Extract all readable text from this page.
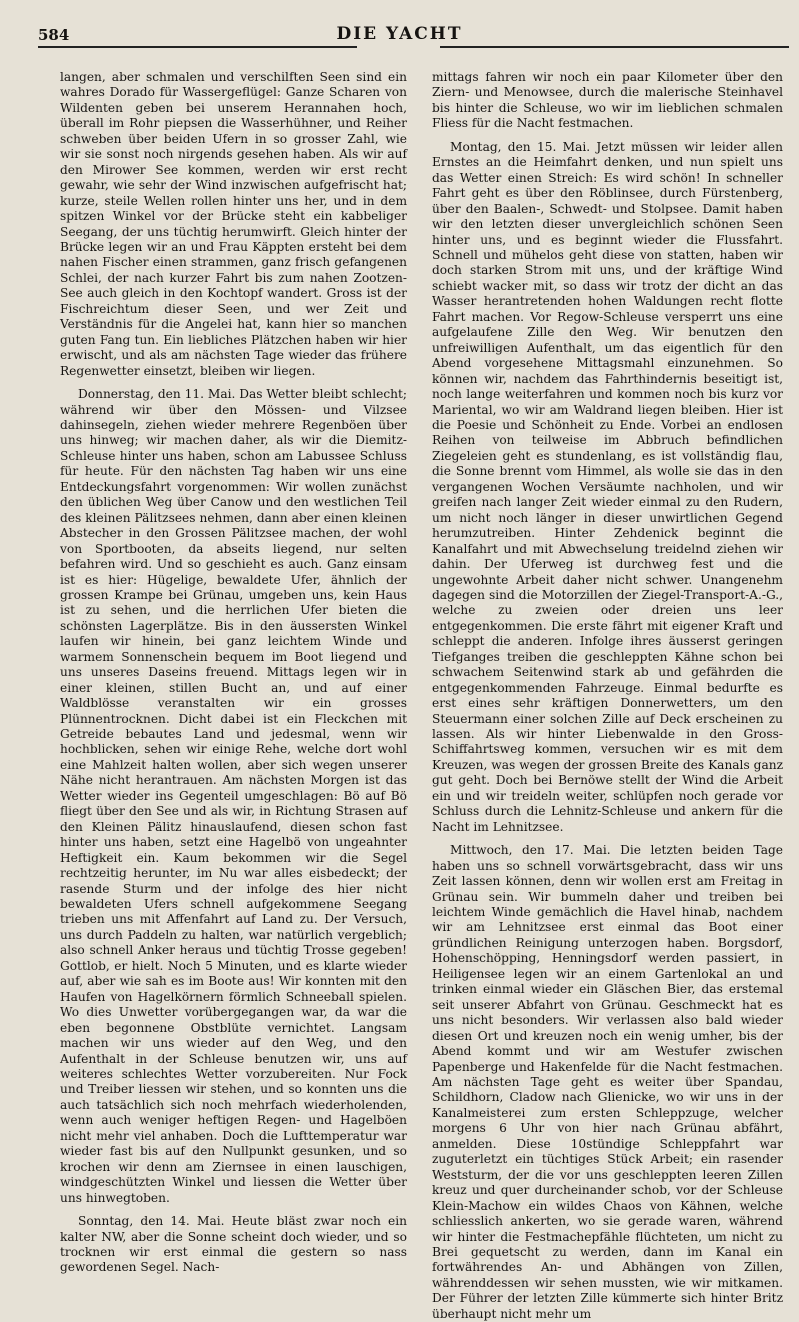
584	DIE YACHT

langen, aber schmalen und verschilften Seen sind ein wahres Dorado für Wassergeflügel: Ganze Scharen von Wildenten geben bei unserem Herannahen hoch, überall im Rohr piepsen die Wasserhühner, und Reiher schweben über beiden Ufern in so grosser Zahl, wie wir sie sonst noch nirgends gesehen haben. Als wir auf den Mirower See kommen, werden wir erst recht gewahr, wie sehr der Wind inzwischen aufgefrischt hat; kurze, steile Wellen rollen hinter uns her, und in dem spitzen Winkel vor der Brücke steht ein kabbeliger Seegang, der uns tüchtig herumwirft. Gleich hinter der Brücke legen wir an und Frau Käppten ersteht bei dem nahen Fischer einen strammen, ganz frisch gefangenen Schlei, der nach kurzer Fahrt bis zum nahen Zootzen-See auch gleich in den Kochtopf wandert. Gross ist der Fischreichtum dieser Seen, und wer Zeit und Verständnis für die Angelei hat, kann hier so manchen guten Fang tun. Ein liebliches Plätzchen haben wir hier erwischt, und als am nächsten Tage wieder das frühere Regenwetter einsetzt, bleiben wir liegen.

Donnerstag, den 11. Mai. Das Wetter bleibt schlecht; während wir über den Mössen- und Vilzsee dahinsegeln, ziehen wieder mehrere Regenböen über uns hinweg; wir machen daher, als wir die Diemitz-Schleuse hinter uns haben, schon am Labussee Schluss für heute. Für den nächsten Tag haben wir uns eine Entdeckungsfahrt vorgenommen: Wir wollen zunächst den üblichen Weg über Canow und den westlichen Teil des kleinen Pälitzsees nehmen, dann aber einen kleinen Abstecher in den Grossen Pälitzsee machen, der wohl von Sportbooten, da abseits liegend, nur selten befahren wird. Und so geschieht es auch. Ganz einsam ist es hier: Hügelige, bewaldete Ufer, ähnlich der grossen Krampe bei Grünau, umgeben uns, kein Haus ist zu sehen, und die herrlichen Ufer bieten die schönsten Lagerplätze. Bis in den äussersten Winkel laufen wir hinein, bei ganz leichtem Winde und warmem Sonnenschein bequem im Boot liegend und uns unseres Daseins freuend. Mittags legen wir in einer kleinen, stillen Bucht an, und auf einer Waldblösse veranstalten wir ein grosses Plünnentrocknen. Dicht dabei ist ein Fleckchen mit Getreide bebautes Land und jedesmal, wenn wir hochblicken, sehen wir einige Rehe, welche dort wohl eine Mahlzeit halten wollen, aber sich wegen unserer Nähe nicht herantrauen. Am nächsten Morgen ist das Wetter wieder ins Gegenteil umgeschlagen: Bö auf Bö fliegt über den See und als wir, in Richtung Strasen auf den Kleinen Pälitz hinauslaufend, diesen schon fast hinter uns haben, setzt eine Hagelbö von ungeahnter Heftigkeit ein. Kaum bekommen wir die Segel rechtzeitig herunter, im Nu war alles eisbedeckt; der rasende Sturm und der infolge des hier nicht bewaldeten Ufers schnell aufgekommene Seegang trieben uns mit Affenfahrt auf Land zu. Der Versuch, uns durch Paddeln zu halten, war natürlich vergeblich; also schnell Anker heraus und tüchtig Trosse gegeben! Gottlob, er hielt. Noch 5 Minuten, und es klarte wieder auf, aber wie sah es im Boote aus! Wir konnten mit den Haufen von Hagelkörnern förmlich Schneeball spielen. Wo dies Unwetter vorübergegangen war, da war die eben begonnene Obstblüte vernichtet. Langsam machen wir uns wieder auf den Weg, und den Aufenthalt in der Schleuse benutzen wir, uns auf weiteres schlechtes Wetter vorzubereiten. Nur Fock und Treiber liessen wir stehen, und so konnten uns die auch tatsächlich sich noch mehrfach wiederholenden, wenn auch weniger heftigen Regen- und Hagelböen nicht mehr viel anhaben. Doch die Lufttemperatur war wieder fast bis auf den Nullpunkt gesunken, und so krochen wir denn am Ziernsee in einen lauschigen, windgeschützten Winkel und liessen die Wetter über uns hinwegtoben.

Sonntag, den 14. Mai. Heute bläst zwar noch ein kalter NW, aber die Sonne scheint doch wieder, und so trocknen wir erst einmal die gestern so nass gewordenen Segel. Nach-

mittags fahren wir noch ein paar Kilometer über den Ziern- und Menowsee, durch die malerische Steinhavel bis hinter die Schleuse, wo wir im lieblichen schmalen Fliess für die Nacht festmachen.

Montag, den 15. Mai. Jetzt müssen wir leider allen Ernstes an die Heimfahrt denken, und nun spielt uns das Wetter einen Streich: Es wird schön! In schneller Fahrt geht es über den Röblinsee, durch Fürstenberg, über den Baalen-, Schwedt- und Stolpsee. Damit haben wir den letzten dieser unvergleichlich schönen Seen hinter uns, und es beginnt wieder die Flussfahrt. Schnell und mühelos geht diese von statten, haben wir doch starken Strom mit uns, und der kräftige Wind schiebt wacker mit, so dass wir trotz der dicht an das Wasser herantretenden hohen Waldungen recht flotte Fahrt machen. Vor Regow-Schleuse versperrt uns eine aufgelaufene Zille den Weg. Wir benutzen den unfreiwilligen Aufenthalt, um das eigentlich für den Abend vorgesehene Mittagsmahl einzunehmen. So können wir, nachdem das Fahrthindernis beseitigt ist, noch lange weiterfahren und kommen noch bis kurz vor Mariental, wo wir am Waldrand liegen bleiben. Hier ist die Poesie und Schönheit zu Ende. Vorbei an endlosen Reihen von teilweise im Abbruch befindlichen Ziegeleien geht es stundenlang, es ist vollständig flau, die Sonne brennt vom Himmel, als wolle sie das in den vergangenen Wochen Versäumte nachholen, und wir greifen nach langer Zeit wieder einmal zu den Rudern, um nicht noch länger in dieser unwirtlichen Gegend herumzutreiben. Hinter Zehdenick beginnt die Kanalfahrt und mit Abwechselung treidelnd ziehen wir dahin. Der Uferweg ist durchweg fest und die ungewohnte Arbeit daher nicht schwer. Unangenehm dagegen sind die Motorzillen der Ziegel-Transport-A.-G., welche zu zweien oder dreien uns leer entgegenkommen. Die erste fährt mit eigener Kraft und schleppt die anderen. Infolge ihres äusserst geringen Tiefganges treiben die geschleppten Kähne schon bei schwachem Seitenwind stark ab und gefährden die entgegenkommenden Fahrzeuge. Einmal bedurfte es erst eines sehr kräftigen Donnerwetters, um den Steuermann einer solchen Zille auf Deck erscheinen zu lassen. Als wir hinter Liebenwalde in den Gross-Schiffahrtsweg kommen, versuchen wir es mit dem Kreuzen, was wegen der grossen Breite des Kanals ganz gut geht. Doch bei Bernöwe stellt der Wind die Arbeit ein und wir treideln weiter, schlüpfen noch gerade vor Schluss durch die Lehnitz-Schleuse und ankern für die Nacht im Lehnitzsee.

Mittwoch, den 17. Mai. Die letzten beiden Tage haben uns so schnell vorwärtsgebracht, dass wir uns Zeit lassen können, denn wir wollen erst am Freitag in Grünau sein. Wir bummeln daher und treiben bei leichtem Winde gemächlich die Havel hinab, nachdem wir am Lehnitzsee erst einmal das Boot einer gründlichen Reinigung unterzogen haben. Borgsdorf, Hohenschöpping, Henningsdorf werden passiert, in Heiligensee legen wir an einem Gartenlokal an und trinken einmal wieder ein Gläschen Bier, das erstemal seit unserer Abfahrt von Grünau. Geschmeckt hat es uns nicht besonders. Wir verlassen also bald wieder diesen Ort und kreuzen noch ein wenig umher, bis der Abend kommt und wir am Westufer zwischen Papenberge und Hakenfelde für die Nacht festmachen. Am nächsten Tage geht es weiter über Spandau, Schildhorn, Cladow nach Glienicke, wo wir uns in der Kanalmeisterei zum ersten Schleppzuge, welcher morgens 6 Uhr von hier nach Grünau abfährt, anmelden. Diese 10stündige Schleppfahrt war zuguterletzt ein tüchtiges Stück Arbeit; ein rasender Weststurm, der die vor uns geschleppten leeren Zillen kreuz und quer durcheinander schob, vor der Schleuse Klein-Machow ein wildes Chaos von Kähnen, welche schliesslich ankerten, wo sie gerade waren, während wir hinter die Festmachepfähle flüchteten, um nicht zu Brei gequetscht zu werden, dann im Kanal ein fortwährendes An- und Abhängen von Zillen, währenddessen wir sehen mussten, wie wir mitkamen. Der Führer der letzten Zille kümmerte sich hinter Britz überhaupt nicht mehr um
